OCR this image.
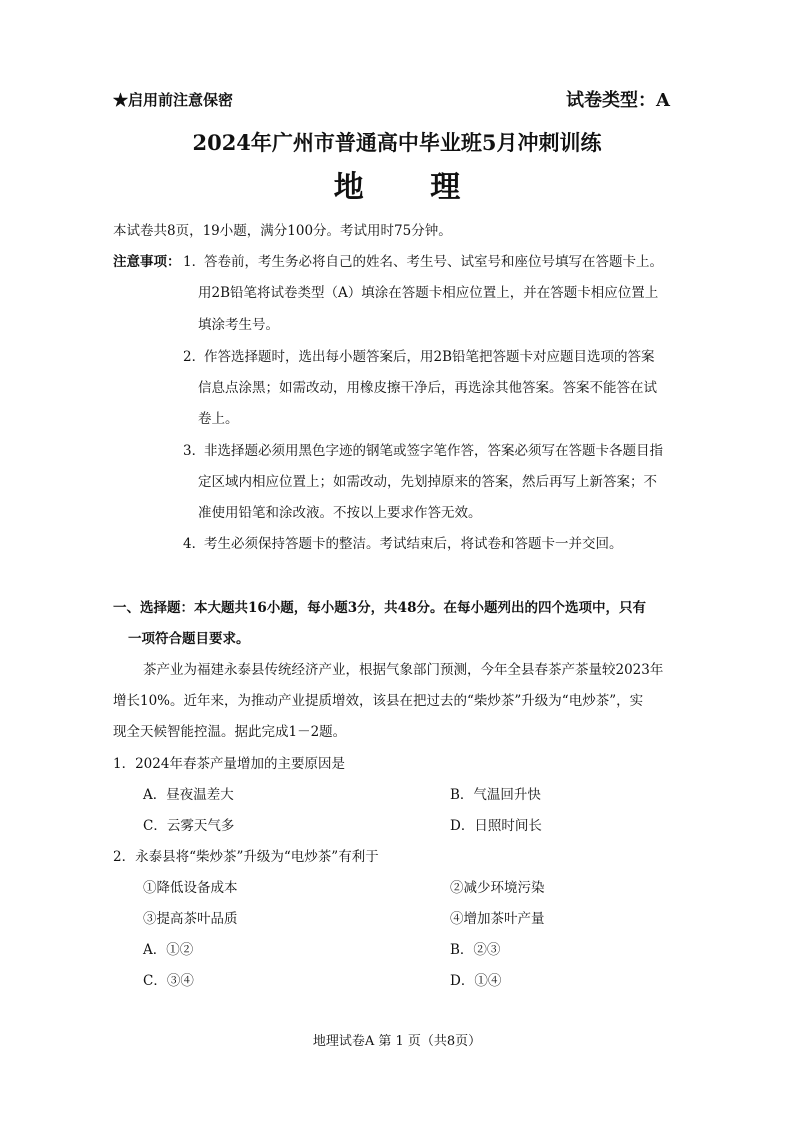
★启用前注意保密	试卷类型：A
2024年广州市普通高中毕业班5月冲刺训练
地 理
本试卷共8页，19小题，满分100分。考试用时75分钟。
注意事项： 1．
答卷前，考生务必将自己的姓名、考生号、试室号和座位号填写在答题卡上。
用2B铅笔将试卷类型（A）填涂在答题卡相应位置上，并在答题卡相应位置上
填涂考生号。
2．
作答选择题时，选出每小题答案后，用2B铅笔把答题卡对应题目选项的答案
信息点涂黑；如需改动，用橡皮擦干净后，再选涂其他答案。答案不能答在试
卷上。
3．
非选择题必须用黑色字迹的钢笔或签字笔作答，答案必须写在答题卡各题目指
定区域内相应位置上；如需改动，先划掉原来的答案，然后再写上新答案；不
准使用铅笔和涂改液。不按以上要求作答无效。
4．
考生必须保持答题卡的整洁。考试结束后，将试卷和答题卡一并交回。
一、选择题：本大题共16小题，每小题3分，共48分。在每小题列出的四个选项中，只有
一项符合题目要求。
茶产业为福建永泰县传统经济产业，根据气象部门预测，今年全县春茶产茶量较2023年
增长10%。近年来，为推动产业提质增效，该县在把过去的“柴炒茶”升级为“电炒茶”，实
现全天候智能控温。据此完成1－2题。
1．2024年春茶产量增加的主要原因是
A．昼夜温差大	B．气温回升快
C．云雾天气多	D．日照时间长
2．永泰县将“柴炒茶”升级为“电炒茶”有利于
①降低设备成本	②减少环境污染
③提高茶叶品质	④增加茶叶产量
A．①②	B．②③
C．③④	D．①④
地理试卷A 第 1 页（共8页）
